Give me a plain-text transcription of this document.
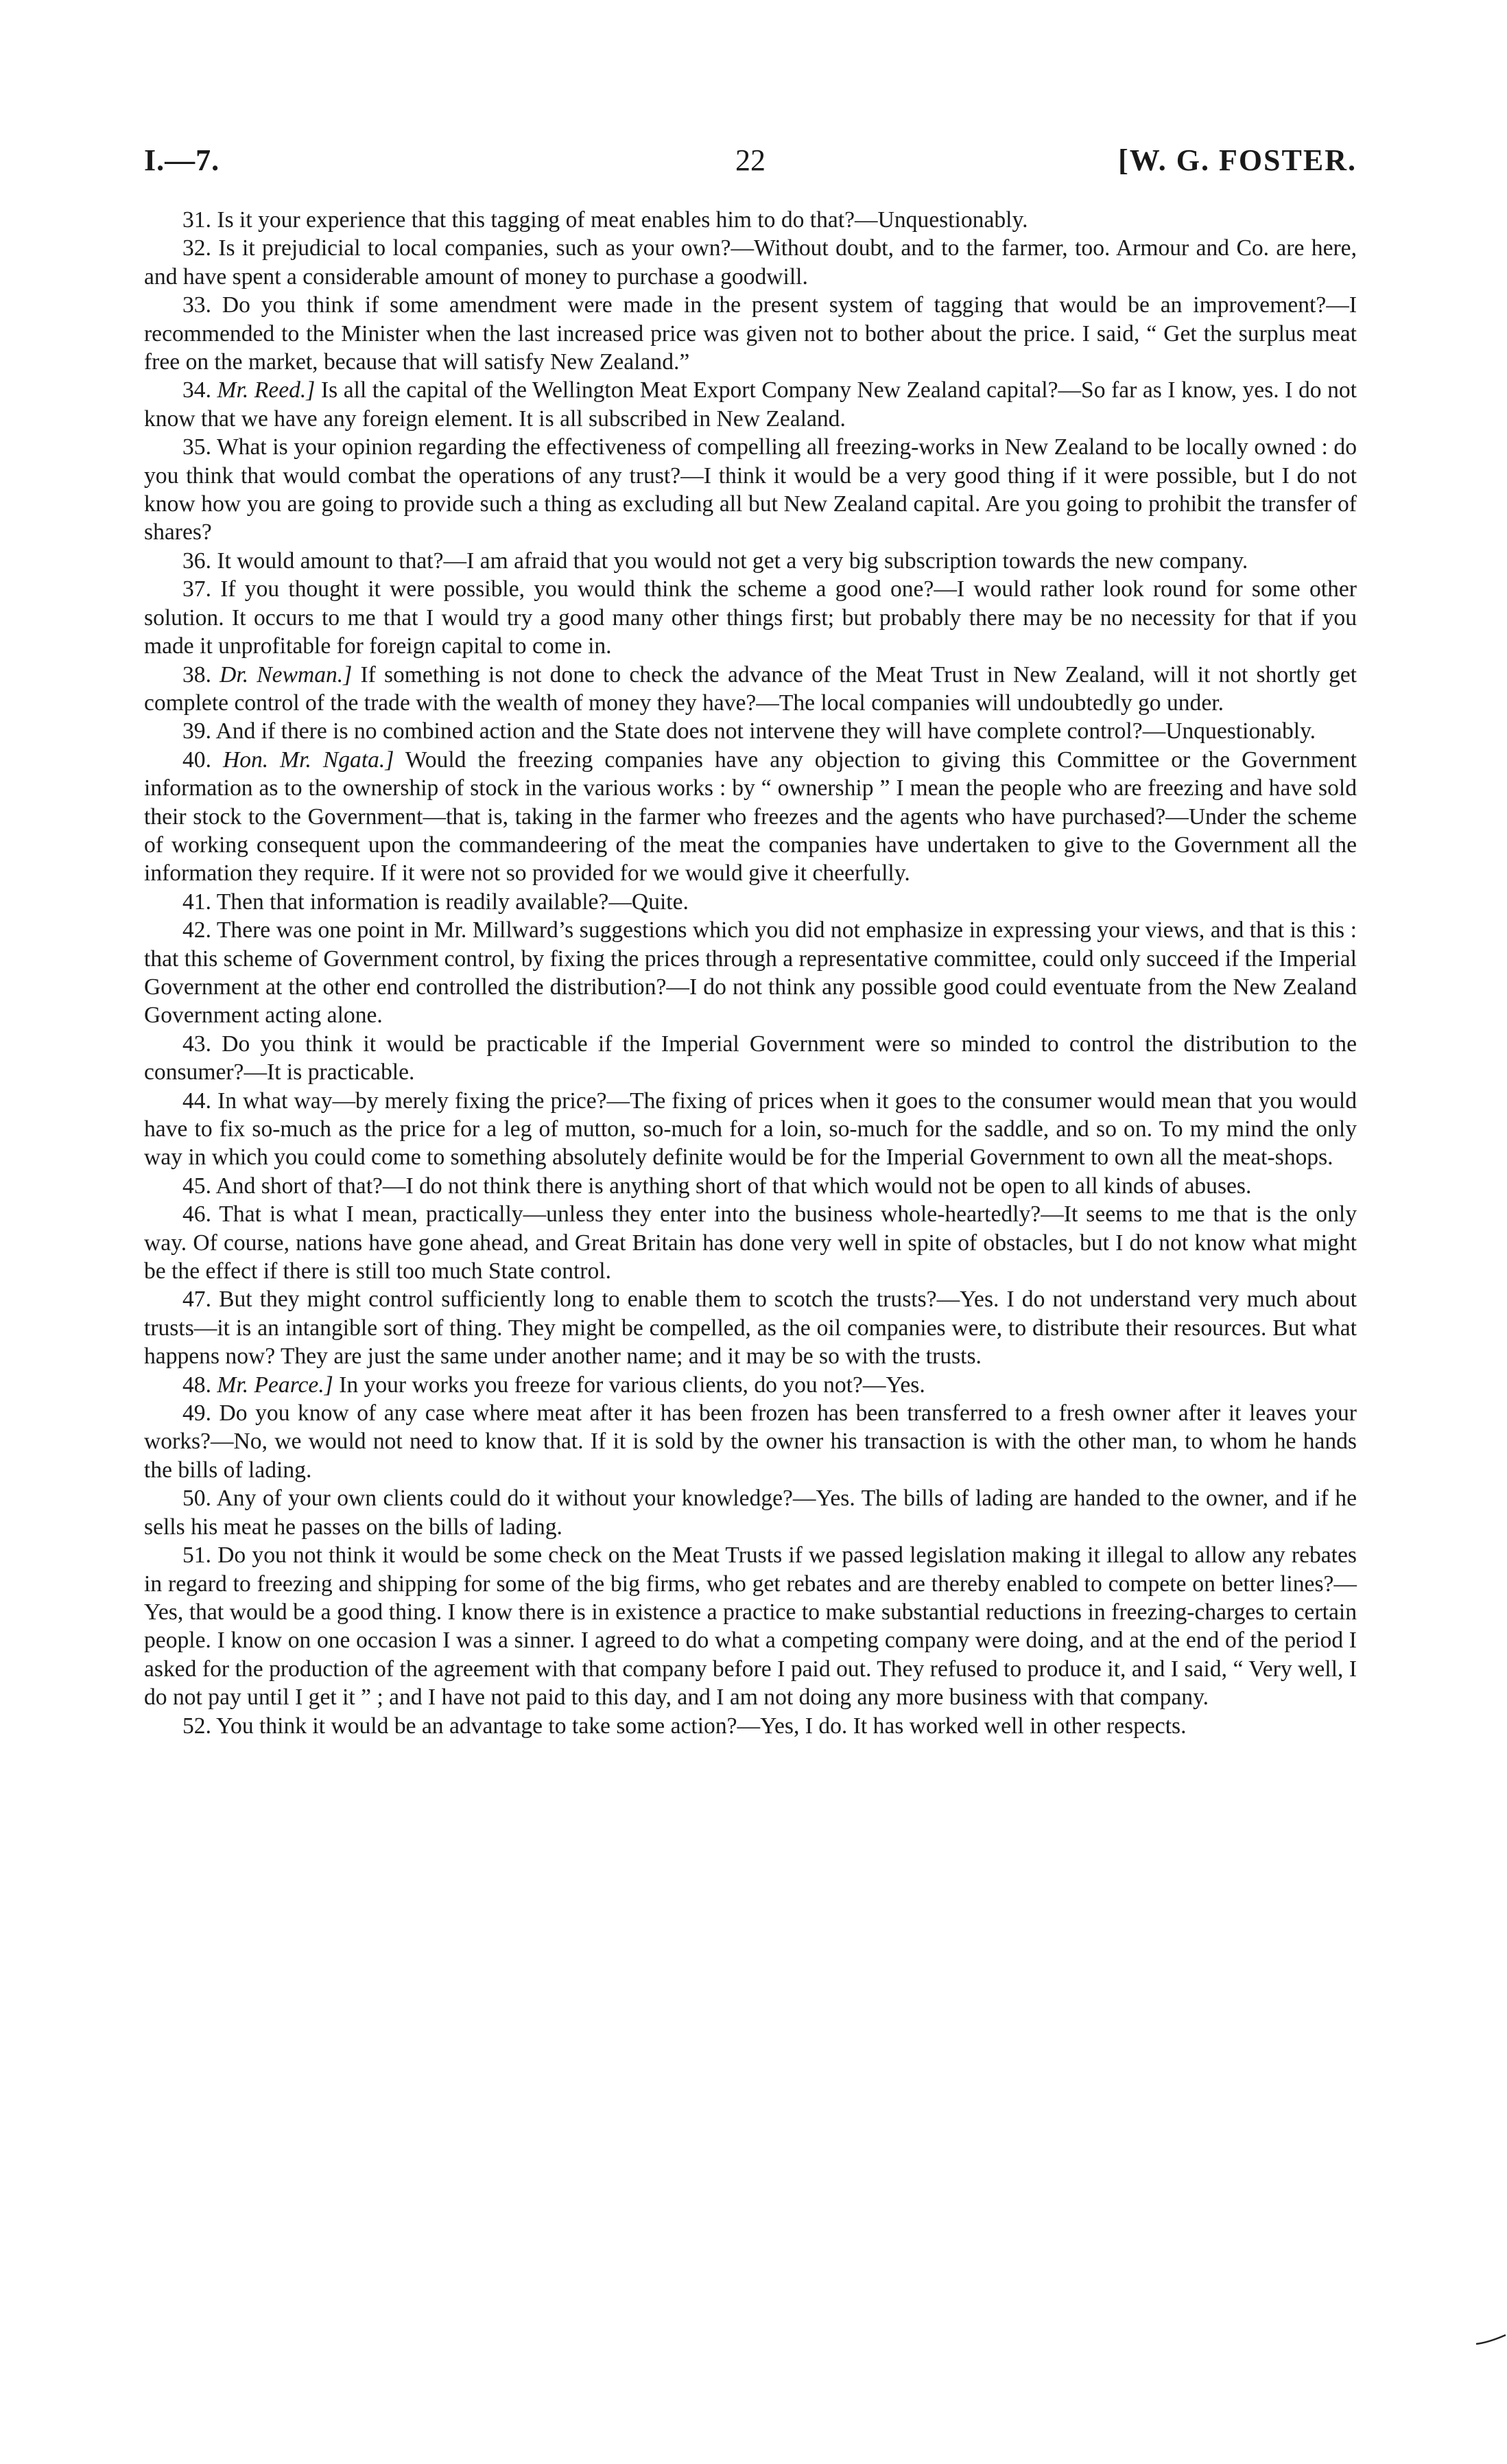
I.—7.	22	[W. G. FOSTER.

31. Is it your experience that this tagging of meat enables him to do that?—Unquestionably.

32. Is it prejudicial to local companies, such as your own?—Without doubt, and to the farmer, too. Armour and Co. are here, and have spent a considerable amount of money to purchase a goodwill.

33. Do you think if some amendment were made in the present system of tagging that would be an improvement?—I recommended to the Minister when the last increased price was given not to bother about the price. I said, “ Get the surplus meat free on the market, because that will satisfy New Zealand.”

34. Mr. Reed.] Is all the capital of the Wellington Meat Export Company New Zealand capital?—So far as I know, yes. I do not know that we have any foreign element. It is all subscribed in New Zealand.

35. What is your opinion regarding the effectiveness of compelling all freezing-works in New Zealand to be locally owned : do you think that would combat the operations of any trust?—I think it would be a very good thing if it were possible, but I do not know how you are going to provide such a thing as excluding all but New Zealand capital. Are you going to prohibit the transfer of shares?

36. It would amount to that?—I am afraid that you would not get a very big subscription towards the new company.

37. If you thought it were possible, you would think the scheme a good one?—I would rather look round for some other solution. It occurs to me that I would try a good many other things first; but probably there may be no necessity for that if you made it unprofitable for foreign capital to come in.

38. Dr. Newman.] If something is not done to check the advance of the Meat Trust in New Zealand, will it not shortly get complete control of the trade with the wealth of money they have?—The local companies will undoubtedly go under.

39. And if there is no combined action and the State does not intervene they will have complete control?—Unquestionably.

40. Hon. Mr. Ngata.] Would the freezing companies have any objection to giving this Committee or the Government information as to the ownership of stock in the various works : by “ ownership ” I mean the people who are freezing and have sold their stock to the Government—that is, taking in the farmer who freezes and the agents who have purchased?—Under the scheme of working consequent upon the commandeering of the meat the companies have undertaken to give to the Government all the information they require. If it were not so provided for we would give it cheerfully.

41. Then that information is readily available?—Quite.

42. There was one point in Mr. Millward’s suggestions which you did not emphasize in expressing your views, and that is this : that this scheme of Government control, by fixing the prices through a representative committee, could only succeed if the Imperial Government at the other end controlled the distribution?—I do not think any possible good could eventuate from the New Zealand Government acting alone.

43. Do you think it would be practicable if the Imperial Government were so minded to control the distribution to the consumer?—It is practicable.

44. In what way—by merely fixing the price?—The fixing of prices when it goes to the consumer would mean that you would have to fix so-much as the price for a leg of mutton, so-much for a loin, so-much for the saddle, and so on. To my mind the only way in which you could come to something absolutely definite would be for the Imperial Government to own all the meat-shops.

45. And short of that?—I do not think there is anything short of that which would not be open to all kinds of abuses.

46. That is what I mean, practically—unless they enter into the business whole-heartedly?—It seems to me that is the only way. Of course, nations have gone ahead, and Great Britain has done very well in spite of obstacles, but I do not know what might be the effect if there is still too much State control.

47. But they might control sufficiently long to enable them to scotch the trusts?—Yes. I do not understand very much about trusts—it is an intangible sort of thing. They might be compelled, as the oil companies were, to distribute their resources. But what happens now? They are just the same under another name; and it may be so with the trusts.

48. Mr. Pearce.] In your works you freeze for various clients, do you not?—Yes.

49. Do you know of any case where meat after it has been frozen has been transferred to a fresh owner after it leaves your works?—No, we would not need to know that. If it is sold by the owner his transaction is with the other man, to whom he hands the bills of lading.

50. Any of your own clients could do it without your knowledge?—Yes. The bills of lading are handed to the owner, and if he sells his meat he passes on the bills of lading.

51. Do you not think it would be some check on the Meat Trusts if we passed legislation making it illegal to allow any rebates in regard to freezing and shipping for some of the big firms, who get rebates and are thereby enabled to compete on better lines?—Yes, that would be a good thing. I know there is in existence a practice to make substantial reductions in freezing-charges to certain people. I know on one occasion I was a sinner. I agreed to do what a competing company were doing, and at the end of the period I asked for the production of the agreement with that company before I paid out. They refused to produce it, and I said, “ Very well, I do not pay until I get it ” ; and I have not paid to this day, and I am not doing any more business with that company.

52. You think it would be an advantage to take some action?—Yes, I do. It has worked well in other respects.
